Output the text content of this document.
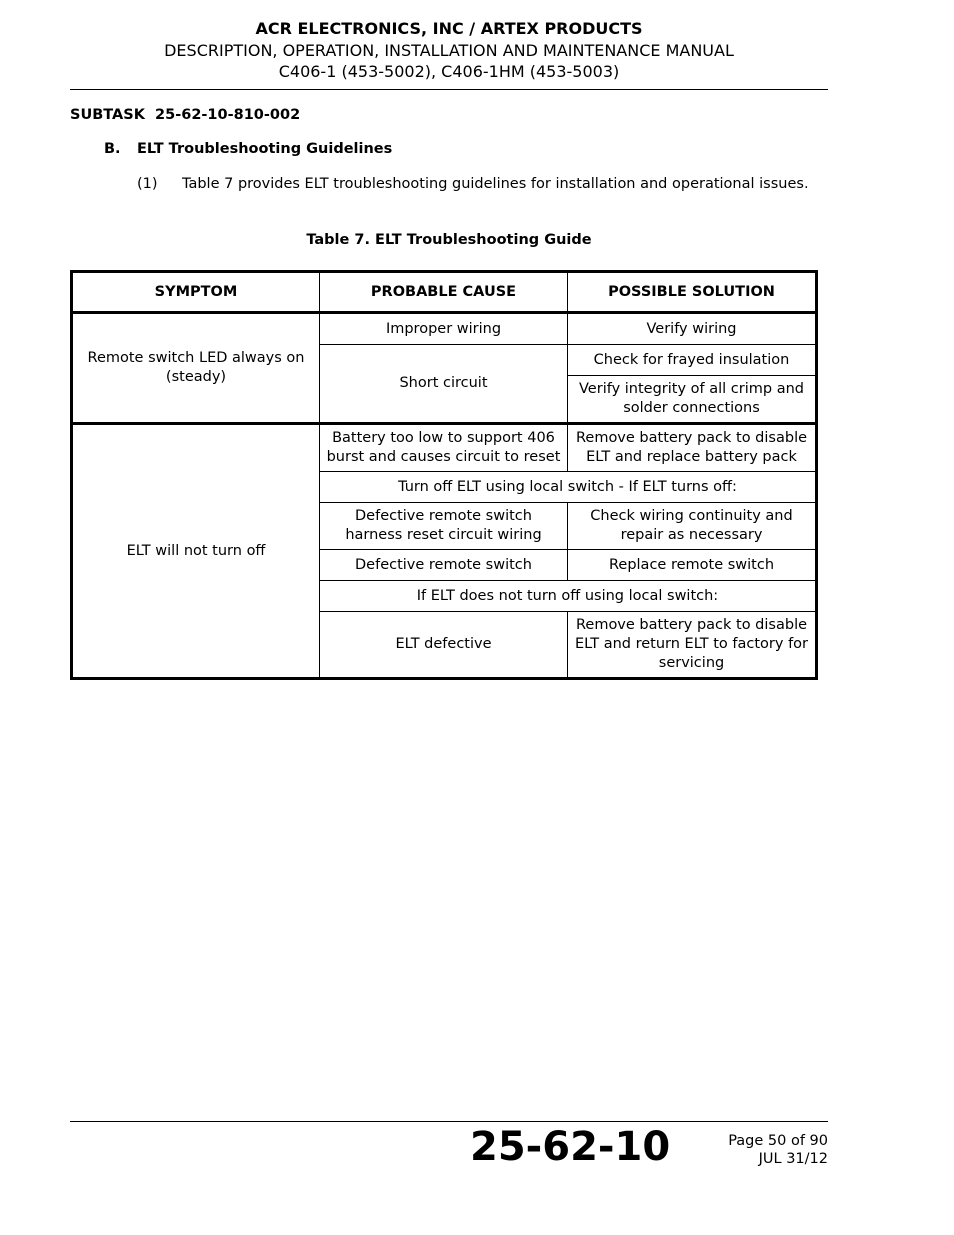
ACR ELECTRONICS, INC / ARTEX PRODUCTS
DESCRIPTION, OPERATION, INSTALLATION AND MAINTENANCE MANUAL
C406-1 (453-5002), C406-1HM (453-5003)
SUBTASK  25-62-10-810-002
B. ELT Troubleshooting Guidelines
(1) Table 7 provides ELT troubleshooting guidelines for installation and operational issues.
Table 7. ELT Troubleshooting Guide
SYMPTOM	PROBABLE CAUSE	POSSIBLE SOLUTION
Remote switch LED always on (steady)	Improper wiring	Verify wiring
	Short circuit	Check for frayed insulation
		Verify integrity of all crimp and solder connections
ELT will not turn off	Battery too low to support 406 burst and causes circuit to reset	Remove battery pack to disable ELT and replace battery pack
	Turn off ELT using local switch - If ELT turns off:	
	Defective remote switch harness reset circuit wiring	Check wiring continuity and repair as necessary
	Defective remote switch	Replace remote switch
	If ELT does not turn off using local switch:	
	ELT defective	Remove battery pack to disable ELT and return ELT to factory for servicing
25-62-10	Page 50 of 90
JUL 31/12
